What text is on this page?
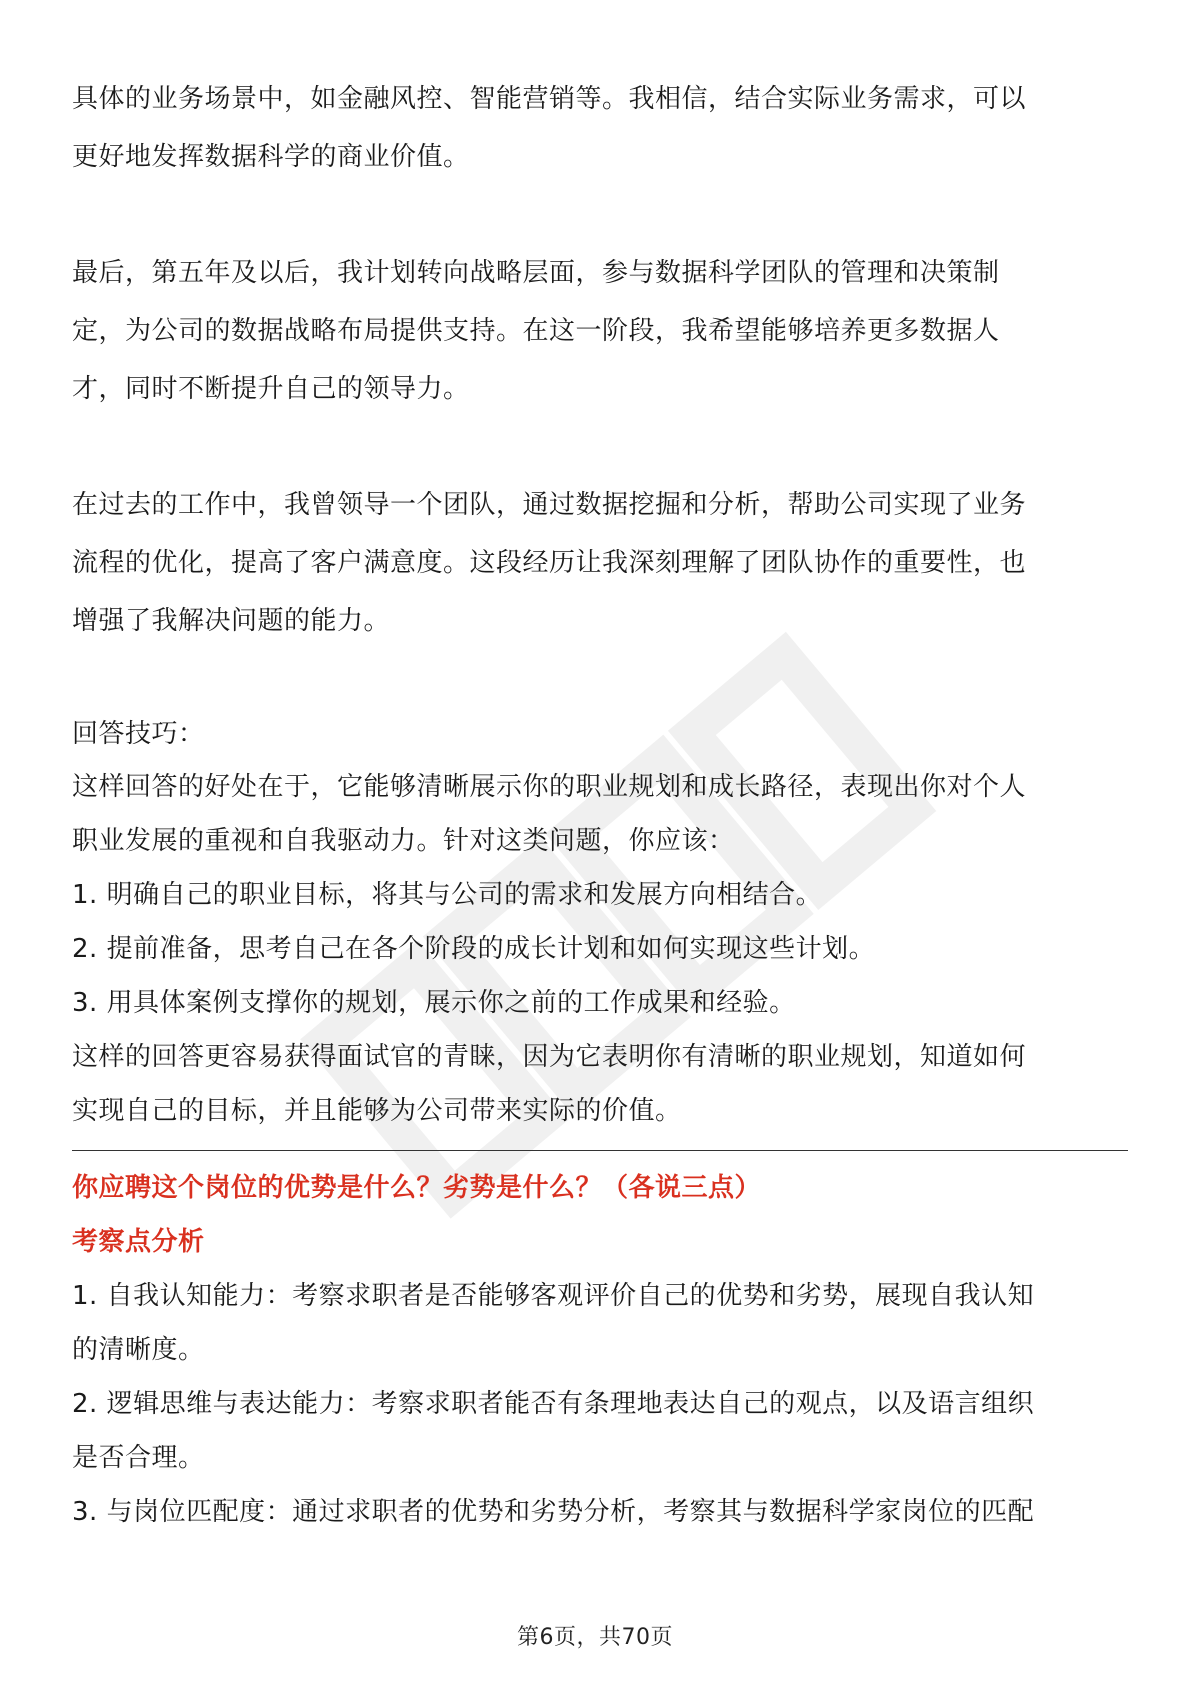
具体的业务场景中，如金融风控、智能营销等。我相信，结合实际业务需求，可以

更好地发挥数据科学的商业价值。

最后，第五年及以后，我计划转向战略层面，参与数据科学团队的管理和决策制

定，为公司的数据战略布局提供支持。在这一阶段，我希望能够培养更多数据人

才，同时不断提升自己的领导力。

在过去的工作中，我曾领导一个团队，通过数据挖掘和分析，帮助公司实现了业务

流程的优化，提高了客户满意度。这段经历让我深刻理解了团队协作的重要性，也

增强了我解决问题的能力。

回答技巧：

这样回答的好处在于，它能够清晰展示你的职业规划和成长路径，表现出你对个人

职业发展的重视和自我驱动力。针对这类问题，你应该：

1. 明确自己的职业目标，将其与公司的需求和发展方向相结合。

2. 提前准备，思考自己在各个阶段的成长计划和如何实现这些计划。

3. 用具体案例支撑你的规划，展示你之前的工作成果和经验。

这样的回答更容易获得面试官的青睐，因为它表明你有清晰的职业规划，知道如何

实现自己的目标，并且能够为公司带来实际的价值。

你应聘这个岗位的优势是什么？劣势是什么？（各说三点）

考察点分析

1. 自我认知能力：考察求职者是否能够客观评价自己的优势和劣势，展现自我认知

的清晰度。

2. 逻辑思维与表达能力：考察求职者能否有条理地表达自己的观点，以及语言组织

是否合理。

3. 与岗位匹配度：通过求职者的优势和劣势分析，考察其与数据科学家岗位的匹配

第6页，共70页
